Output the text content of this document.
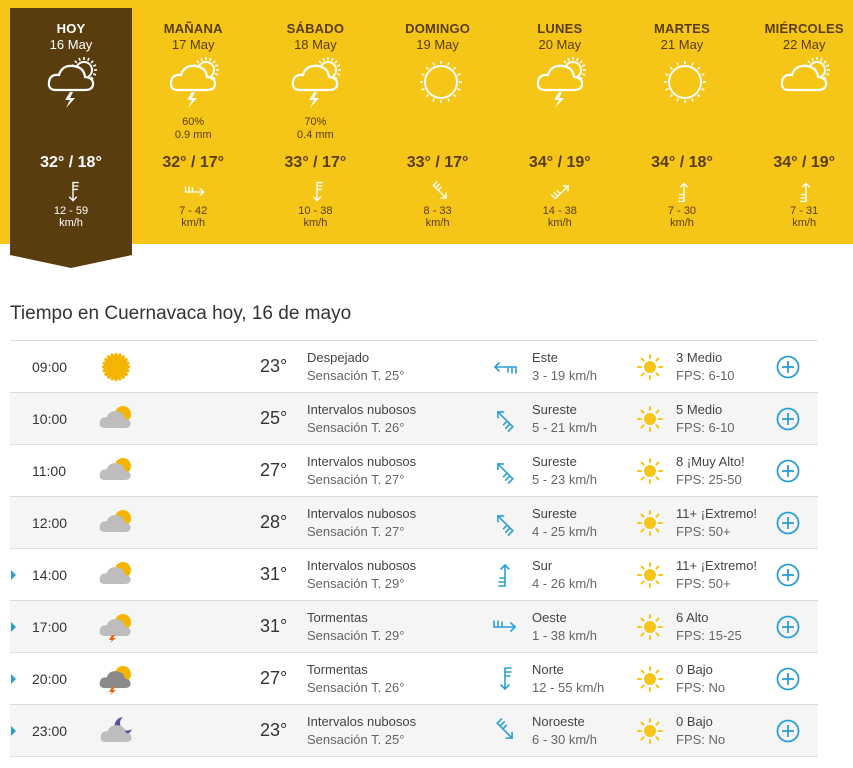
HOY
16 May
32° / 18°
12 - 59
km/h
MAÑANA
17 May
60%
0.9 mm
32° / 17°
7 - 42
km/h
SÁBADO
18 May
70%
0.4 mm
33° / 17°
10 - 38
km/h
DOMINGO
19 May
33° / 17°
8 - 33
km/h
LUNES
20 May
34° / 19°
14 - 38
km/h
MARTES
21 May
34° / 18°
7 - 30
km/h
MIÉRCOLES
22 May
34° / 19°
7 - 31
km/h
Tiempo en Cuernavaca hoy, 16 de mayo
09:00	23° Despejado
Sensación T. 25°
Este
3 - 19 km/h
3 Medio
FPS: 6-10
10:00	25° Intervalos nubosos
Sensación T. 26°
Sureste
5 - 21 km/h
5 Medio
FPS: 6-10
11:00	27° Intervalos nubosos
Sensación T. 27°
Sureste
5 - 23 km/h
8 ¡Muy Alto!
FPS: 25-50
12:00	28° Intervalos nubosos
Sensación T. 27°
Sureste
4 - 25 km/h
11+ ¡Extremo!
FPS: 50+
14:00	31° Intervalos nubosos
Sensación T. 29°
Sur
4 - 26 km/h
11+ ¡Extremo!
FPS: 50+
17:00	31° Tormentas
Sensación T. 29°
Oeste
1 - 38 km/h
6 Alto
FPS: 15-25
20:00	27° Tormentas
Sensación T. 26°
Norte
12 - 55 km/h
0 Bajo
FPS: No
23:00	23° Intervalos nubosos
Sensación T. 25°
Noroeste
6 - 30 km/h
0 Bajo
FPS: No
